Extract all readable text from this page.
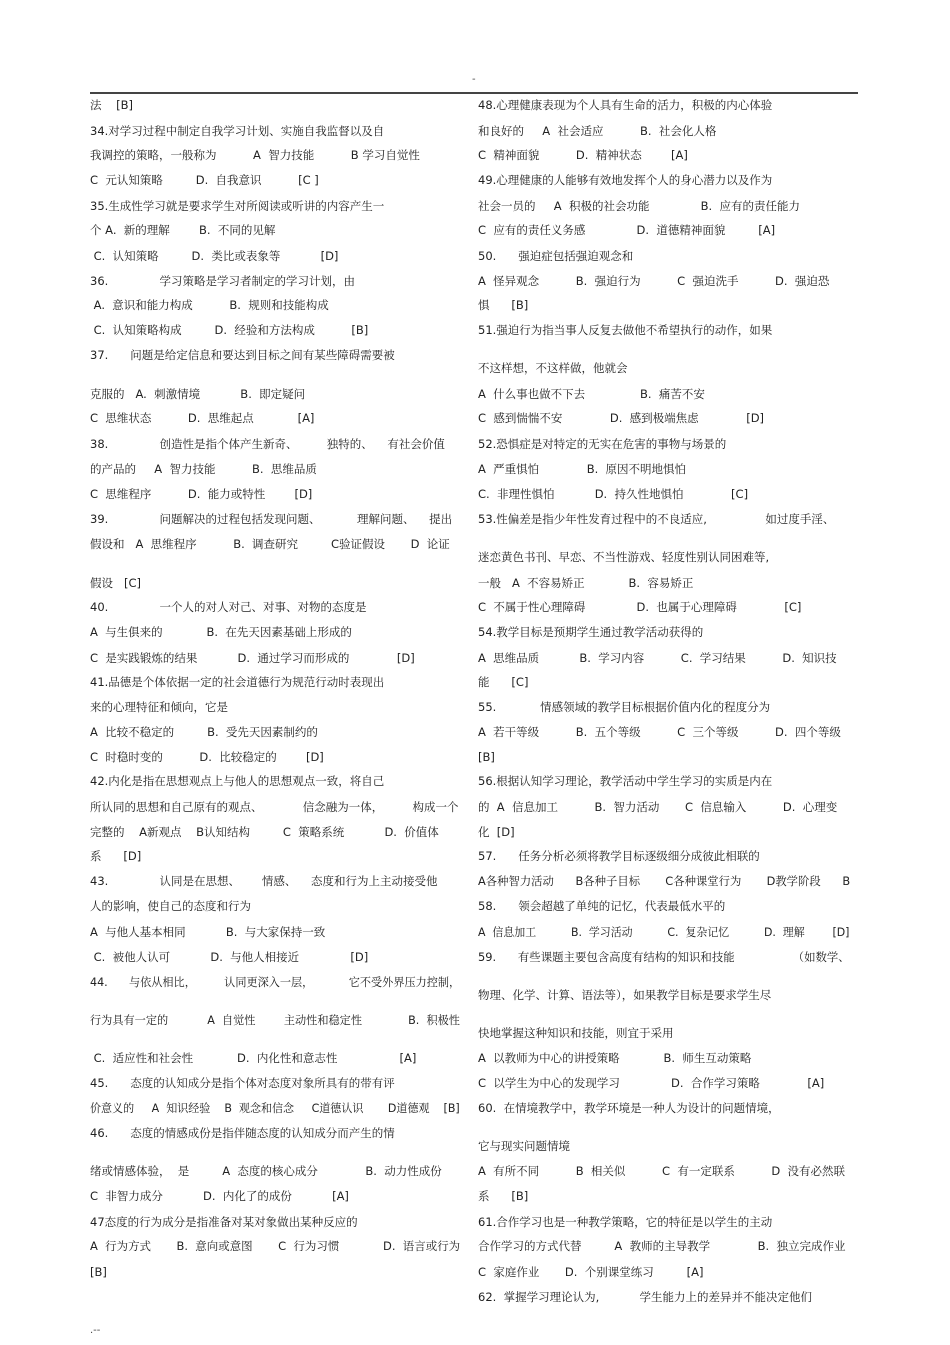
-
法    [B]
34.对学习过程中制定自我学习计划、实施自我监督以及自
我调控的策略，一般称为          A  智力技能          B 学习自觉性
C  元认知策略         D.  自我意识          [C ]
35.生成性学习就是要求学生对所阅读或听讲的内容产生一
个 A.  新的理解        B.  不同的见解
C.  认知策略         D.  类比或表象等           [D]
36.              学习策略是学习者制定的学习计划，由
A.  意识和能力构成          B.  规则和技能构成
C.  认知策略构成         D.  经验和方法构成          [B]
37.      问题是给定信息和要达到目标之间有某些障碍需要被
克服的   A.  刺激情境           B.  即定疑问
C  思维状态          D.  思维起点            [A]
38.              创造性是指个体产生新奇、        独特的、    有社会价值
的产品的     A  智力技能          B.  思维品质
C  思维程序          D.  能力或特性        [D]
39.              问题解决的过程包括发现问题、          理解问题、    提出
假设和   A  思维程序          B.  调查研究         C验证假设       D  论证
假设   [C]
40.              一个人的对人对己、对事、对物的态度是
A  与生俱来的            B.  在先天因素基础上形成的
C  是实践锻炼的结果           D.  通过学习而形成的             [D]
41.品德是个体依据一定的社会道德行为规范行动时表现出
来的心理特征和倾向，它是
A  比较不稳定的         B.  受先天因素制约的
C  时稳时变的          D.  比较稳定的        [D]
42.内化是指在思想观点上与他人的思想观点一致，将自己
所认同的思想和自己原有的观点、           信念融为一体，        构成一个
完整的    A新观点    B认知结构         C  策略系统           D.  价值体
系      [D]
43.              认同是在思想、      情感、    态度和行为上主动接受他
人的影响，使自己的态度和行为
A  与他人基本相同           B.  与大家保持一致
C.  被他人认可           D.  与他人相接近              [D]
44.      与依从相比，        认同更深入一层，          它不受外界压力控制，
行为具有一定的           A  自觉性        主动性和稳定性             B.  积极性
C.  适应性和社会性            D.  内化性和意志性                 [A]
45.      态度的认知成分是指个体对态度对象所具有的带有评
价意义的     A  知识经验    B  观念和信念     C道德认识       D道德观    [B]
46.      态度的情感成份是指伴随态度的认知成分而产生的情
绪或情感体验，  是         A  态度的核心成分             B.  动力性成份
C  非智力成分           D.  内化了的成份           [A]
47态度的行为成分是指准备对某对象做出某种反应的
A  行为方式       B.  意向或意图       C  行为习惯            D.  语言或行为
[B]
48.心理健康表现为个人具有生命的活力，积极的内心体验
和良好的     A  社会适应          B.  社会化人格
C  精神面貌          D.  精神状态        [A]
49.心理健康的人能够有效地发挥个人的身心潜力以及作为
社会一员的     A  积极的社会功能              B.  应有的责任能力
C  应有的责任义务感              D.  道德精神面貌         [A]
50.      强迫症包括强迫观念和
A  怪异观念          B.  强迫行为          C  强迫洗手          D.  强迫恐
惧      [B]
51.强迫行为指当事人反复去做他不希望执行的动作，如果
不这样想，不这样做，他就会
A  什么事也做不下去               B.  痛苦不安
C  感到惴惴不安             D.  感到极端焦虑             [D]
52.恐惧症是对特定的无实在危害的事物与场景的
A  严重惧怕             B.  原因不明地惧怕
C.  非理性惧怕           D.  持久性地惧怕             [C]
53.性偏差是指少年性发育过程中的不良适应,                如过度手淫、
迷恋黄色书刊、早恋、不当性游戏、轻度性别认同困难等,
一般   A  不容易矫正            B.  容易矫正
C  不属于性心理障碍              D.  也属于心理障碍             [C]
54.教学目标是预期学生通过教学活动获得的
A  思维品质           B.  学习内容          C.  学习结果          D.  知识技
能      [C]
55.            情感领域的教学目标根据价值内化的程度分为
A  若干等级          B.  五个等级          C  三个等级          D.  四个等级
[B]
56.根据认知学习理论，教学活动中学生学习的实质是内在
的  A  信息加工          B.  智力活动       C  信息输入          D.  心理变
化  [D]
57.      任务分析必须将教学目标逐级细分成彼此相联的
A各种智力活动      B各种子目标       C各种课堂行为       D教学阶段      B
58.      领会超越了单纯的记忆，代表最低水平的
A  信息加工          B.  学习活动          C.  复杂记忆          D.  理解        [D]
59.      有些课题主要包含高度有结构的知识和技能                （如数学、
物理、化学、计算、语法等），如果教学目标是要求学生尽
快地掌握这种知识和技能，则宜于采用
A  以教师为中心的讲授策略            B.  师生互动策略
C  以学生为中心的发现学习              D.  合作学习策略             [A]
60.  在情境教学中，教学环境是一种人为设计的问题情境，
它与现实问题情境
A  有所不同          B  相关似          C  有一定联系          D  没有必然联
系      [B]
61.合作学习也是一种教学策略，它的特征是以学生的主动
合作学习的方式代替         A  教师的主导教学             B.  独立完成作业
C  家庭作业       D.  个别课堂练习         [A]
62.  掌握学习理论认为,           学生能力上的差异并不能决定他们
.--
